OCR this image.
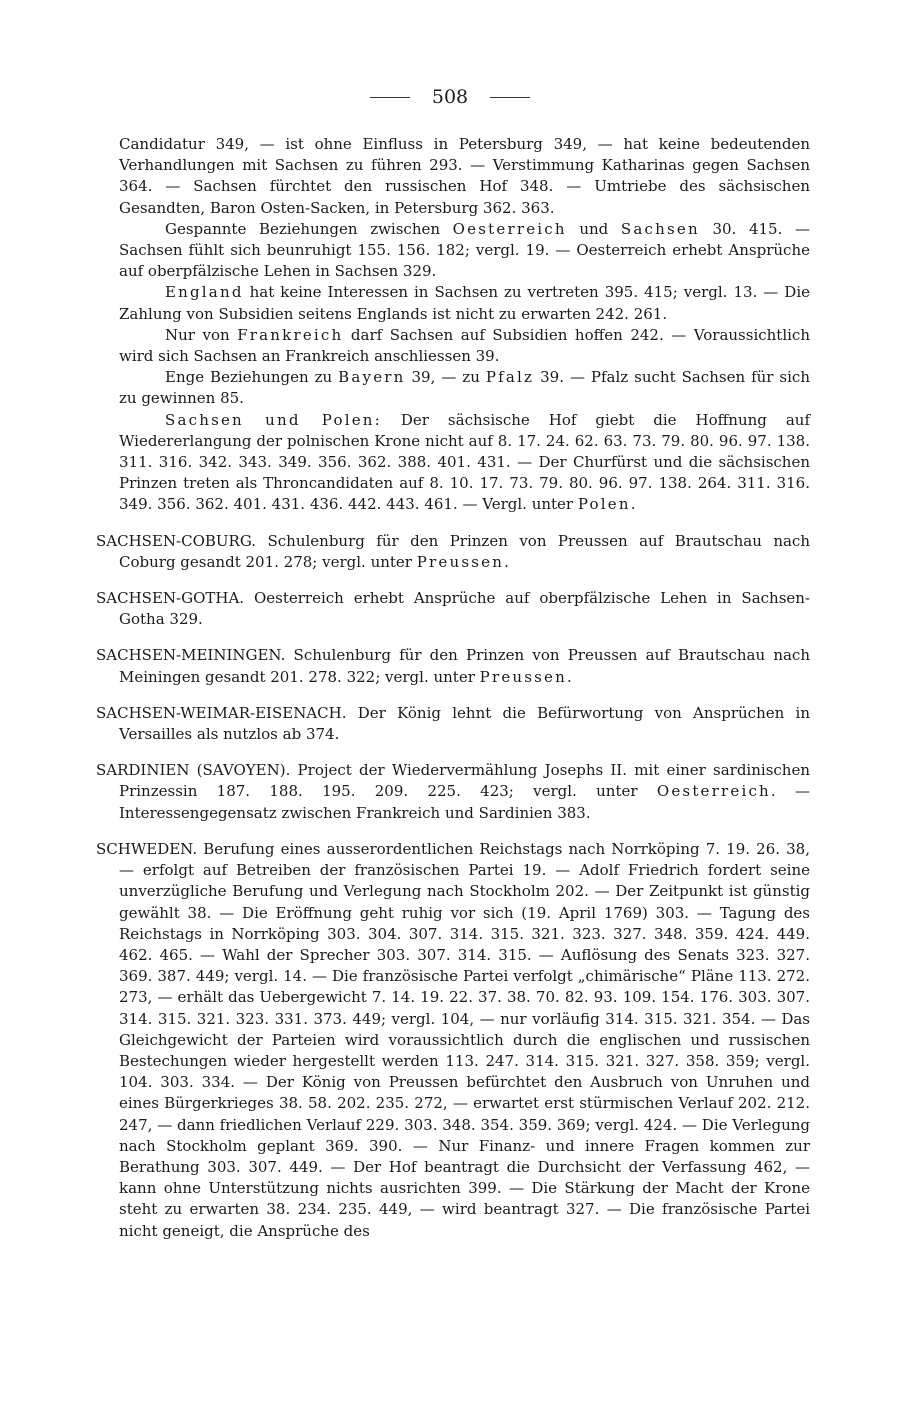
508

Candidatur 349, — ist ohne Einfluss in Petersburg 349, — hat keine bedeutenden Verhandlungen mit Sachsen zu führen 293. — Verstimmung Katharinas gegen Sachsen 364. — Sachsen fürchtet den russischen Hof 348. — Umtriebe des sächsischen Gesandten, Baron Osten-Sacken, in Petersburg 362. 363.

Gespannte Beziehungen zwischen Oesterreich und Sachsen 30. 415. — Sachsen fühlt sich beunruhigt 155. 156. 182; vergl. 19. — Oesterreich erhebt Ansprüche auf oberpfälzische Lehen in Sachsen 329.

England hat keine Interessen in Sachsen zu vertreten 395. 415; vergl. 13. — Die Zahlung von Subsidien seitens Englands ist nicht zu erwarten 242. 261.

Nur von Frankreich darf Sachsen auf Subsidien hoffen 242. — Voraussichtlich wird sich Sachsen an Frankreich anschliessen 39.

Enge Beziehungen zu Bayern 39, — zu Pfalz 39. — Pfalz sucht Sachsen für sich zu gewinnen 85.

Sachsen und Polen: Der sächsische Hof giebt die Hoffnung auf Wiedererlangung der polnischen Krone nicht auf 8. 17. 24. 62. 63. 73. 79. 80. 96. 97. 138. 311. 316. 342. 343. 349. 356. 362. 388. 401. 431. — Der Churfürst und die sächsischen Prinzen treten als Throncandidaten auf 8. 10. 17. 73. 79. 80. 96. 97. 138. 264. 311. 316. 349. 356. 362. 401. 431. 436. 442. 443. 461. — Vergl. unter Polen.

SACHSEN-COBURG. Schulenburg für den Prinzen von Preussen auf Brautschau nach Coburg gesandt 201. 278; vergl. unter Preussen.

SACHSEN-GOTHA. Oesterreich erhebt Ansprüche auf oberpfälzische Lehen in Sachsen-Gotha 329.

SACHSEN-MEININGEN. Schulenburg für den Prinzen von Preussen auf Brautschau nach Meiningen gesandt 201. 278. 322; vergl. unter Preussen.

SACHSEN-WEIMAR-EISENACH. Der König lehnt die Befürwortung von Ansprüchen in Versailles als nutzlos ab 374.

SARDINIEN (SAVOYEN). Project der Wiedervermählung Josephs II. mit einer sardinischen Prinzessin 187. 188. 195. 209. 225. 423; vergl. unter Oesterreich. — Interessengegensatz zwischen Frankreich und Sardinien 383.

SCHWEDEN. Berufung eines ausserordentlichen Reichstags nach Norrköping 7. 19. 26. 38, — erfolgt auf Betreiben der französischen Partei 19. — Adolf Friedrich fordert seine unverzügliche Berufung und Verlegung nach Stockholm 202. — Der Zeitpunkt ist günstig gewählt 38. — Die Eröffnung geht ruhig vor sich (19. April 1769) 303. — Tagung des Reichstags in Norrköping 303. 304. 307. 314. 315. 321. 323. 327. 348. 359. 424. 449. 462. 465. — Wahl der Sprecher 303. 307. 314. 315. — Auflösung des Senats 323. 327. 369. 387. 449; vergl. 14. — Die französische Partei verfolgt „chimärische“ Pläne 113. 272. 273, — erhält das Uebergewicht 7. 14. 19. 22. 37. 38. 70. 82. 93. 109. 154. 176. 303. 307. 314. 315. 321. 323. 331. 373. 449; vergl. 104, — nur vorläufig 314. 315. 321. 354. — Das Gleichgewicht der Parteien wird voraussichtlich durch die englischen und russischen Bestechungen wieder hergestellt werden 113. 247. 314. 315. 321. 327. 358. 359; vergl. 104. 303. 334. — Der König von Preussen befürchtet den Ausbruch von Unruhen und eines Bürgerkrieges 38. 58. 202. 235. 272, — erwartet erst stürmischen Verlauf 202. 212. 247, — dann friedlichen Verlauf 229. 303. 348. 354. 359. 369; vergl. 424. — Die Verlegung nach Stockholm geplant 369. 390. — Nur Finanz- und innere Fragen kommen zur Berathung 303. 307. 449. — Der Hof beantragt die Durchsicht der Verfassung 462, — kann ohne Unterstützung nichts ausrichten 399. — Die Stärkung der Macht der Krone steht zu erwarten 38. 234. 235. 449, — wird beantragt 327. — Die französische Partei nicht geneigt, die Ansprüche des
